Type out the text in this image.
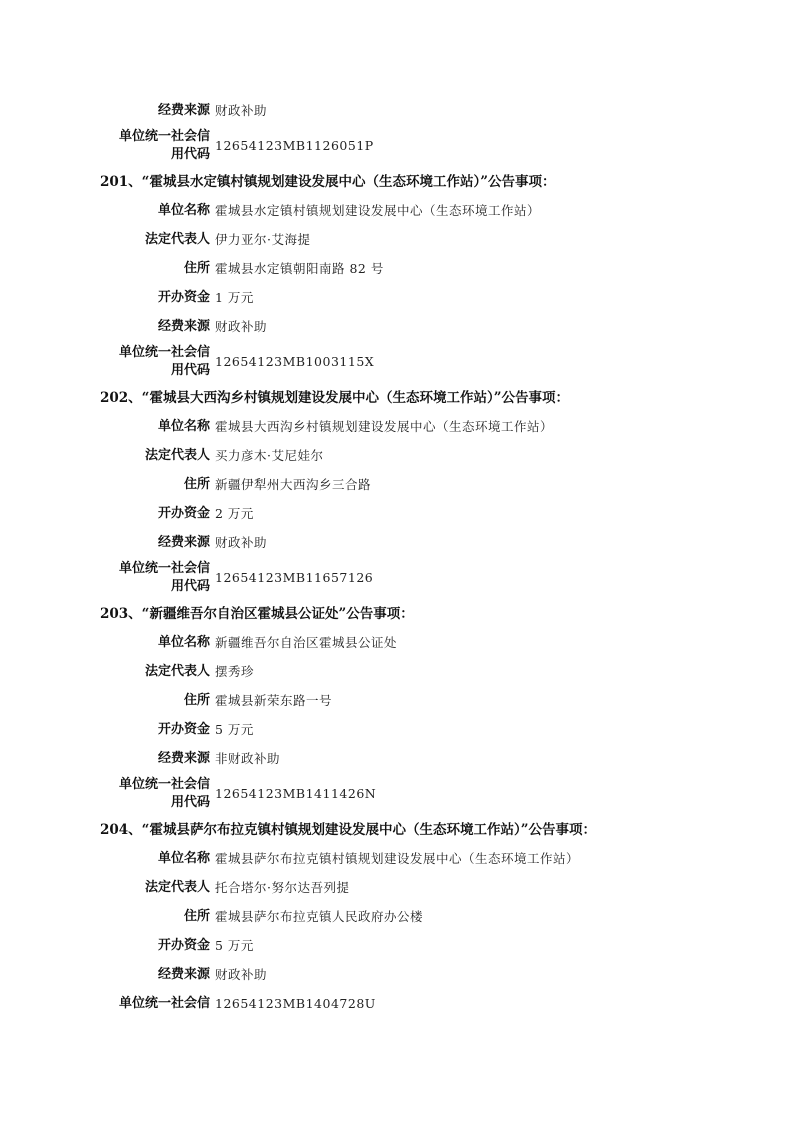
经费来源 财政补助
单位统一社会信
用代码
12654123MB1126051P
201、“霍城县水定镇村镇规划建设发展中心（生态环境工作站）”公告事项：
单位名称 霍城县水定镇村镇规划建设发展中心（生态环境工作站）
法定代表人 伊力亚尔·艾海提
住所 霍城县水定镇朝阳南路 82 号
开办资金 1 万元
经费来源 财政补助
单位统一社会信
用代码
12654123MB1003115X
202、“霍城县大西沟乡村镇规划建设发展中心（生态环境工作站）”公告事项：
单位名称 霍城县大西沟乡村镇规划建设发展中心（生态环境工作站）
法定代表人 买力彦木·艾尼娃尔
住所 新疆伊犁州大西沟乡三合路
开办资金 2 万元
经费来源 财政补助
单位统一社会信
用代码
12654123MB11657126
203、“新疆维吾尔自治区霍城县公证处”公告事项：
单位名称 新疆维吾尔自治区霍城县公证处
法定代表人 摆秀珍
住所 霍城县新荣东路一号
开办资金 5 万元
经费来源 非财政补助
单位统一社会信
用代码
12654123MB1411426N
204、“霍城县萨尔布拉克镇村镇规划建设发展中心（生态环境工作站）”公告事项：
单位名称 霍城县萨尔布拉克镇村镇规划建设发展中心（生态环境工作站）
法定代表人 托合塔尔·努尔达吾列提
住所 霍城县萨尔布拉克镇人民政府办公楼
开办资金 5 万元
经费来源 财政补助
单位统一社会信 12654123MB1404728U
